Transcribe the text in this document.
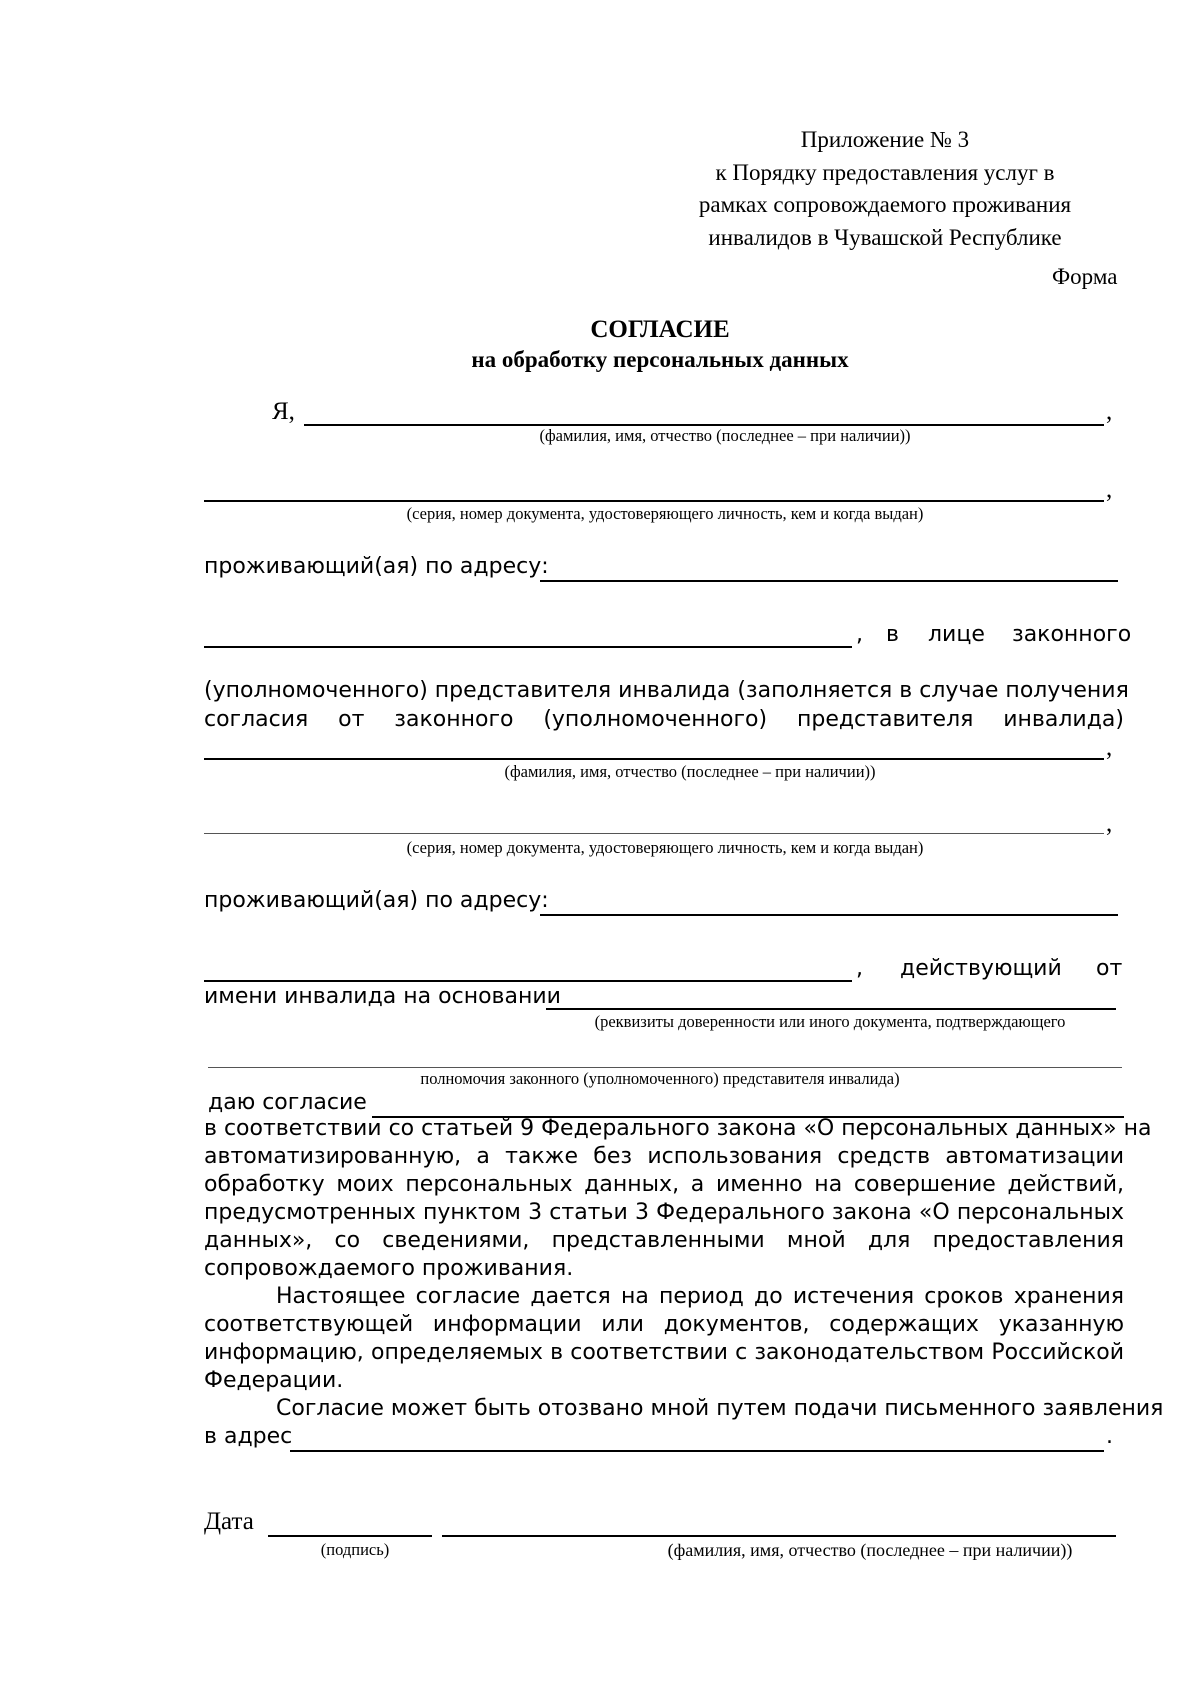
Приложение № 3
к Порядку предоставления услуг в
рамках сопровождаемого проживания
инвалидов в Чувашской Республике
Форма
СОГЛАСИЕ
на обработку персональных данных
Я,	,
(фамилия, имя, отчество (последнее – при наличии))
,
(серия, номер документа, удостоверяющего личность, кем и когда выдан)
проживающий(ая) по адресу:
, в лице законного
(уполномоченного) представителя инвалида (заполняется в случае получения
согласия от законного (уполномоченного) представителя инвалида)
,
(фамилия, имя, отчество (последнее – при наличии))
,
(серия, номер документа, удостоверяющего личность, кем и когда выдан)
проживающий(ая) по адресу:
, действующий от
имени инвалида на основании
(реквизиты доверенности или иного документа, подтверждающего
полномочия законного (уполномоченного) представителя инвалида)
даю согласие
в соответствии со статьей 9 Федерального закона «О персональных данных» на
автоматизированную, а также без использования средств автоматизации
обработку моих персональных данных, а именно на совершение действий,
предусмотренных пунктом 3 статьи 3 Федерального закона «О персональных
данных», со сведениями, представленными мной для предоставления
сопровождаемого проживания.
Настоящее согласие дается на период до истечения сроков хранения
соответствующей информации или документов, содержащих указанную
информацию, определяемых в соответствии с законодательством Российской
Федерации.
Согласие может быть отозвано мной путем подачи письменного заявления
в адрес	.
Дата
(подпись)	(фамилия, имя, отчество (последнее – при наличии))
